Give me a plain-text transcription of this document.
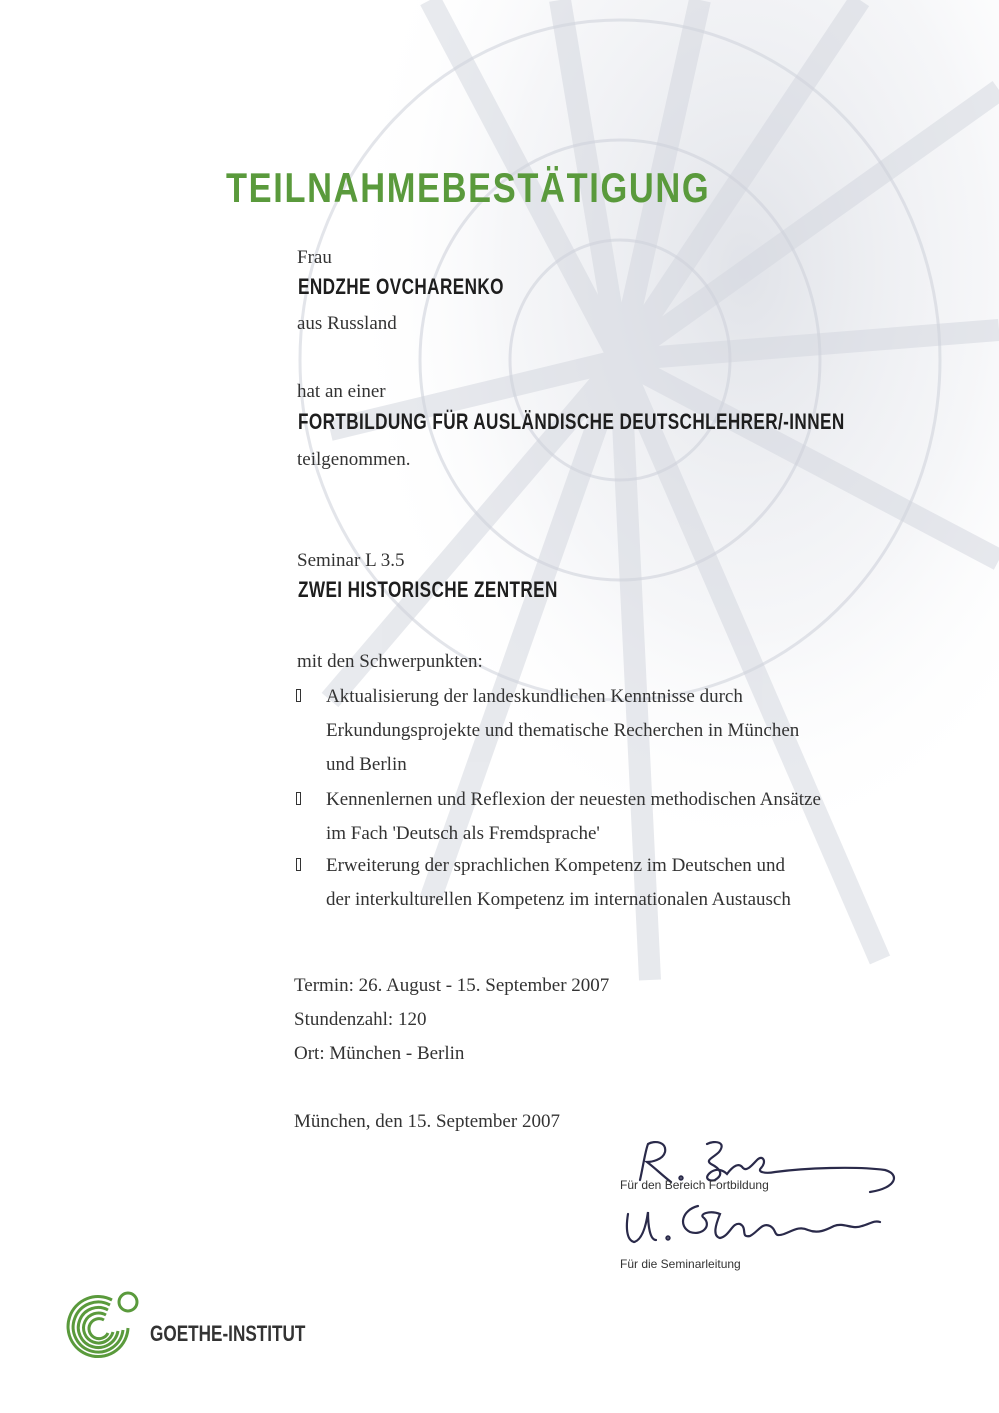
TEILNAHMEBESTÄTIGUNG
Frau
ENDZHE OVCHARENKO
aus Russland
hat an einer
FORTBILDUNG FÜR AUSLÄNDISCHE DEUTSCHLEHRER/-INNEN
teilgenommen.
Seminar L 3.5
ZWEI HISTORISCHE ZENTREN
mit den Schwerpunkten:
Aktualisierung der landeskundlichen Kenntnisse durch
Erkundungsprojekte und thematische Recherchen in München
und Berlin
Kennenlernen und Reflexion der neuesten methodischen Ansätze
im Fach 'Deutsch als Fremdsprache'
Erweiterung der sprachlichen Kompetenz im Deutschen und
der interkulturellen Kompetenz im internationalen Austausch
Termin: 26. August - 15. September 2007
Stundenzahl: 120
Ort: München - Berlin
München, den 15. September 2007
Für den Bereich Fortbildung
Für die Seminarleitung
GOETHE-INSTITUT
